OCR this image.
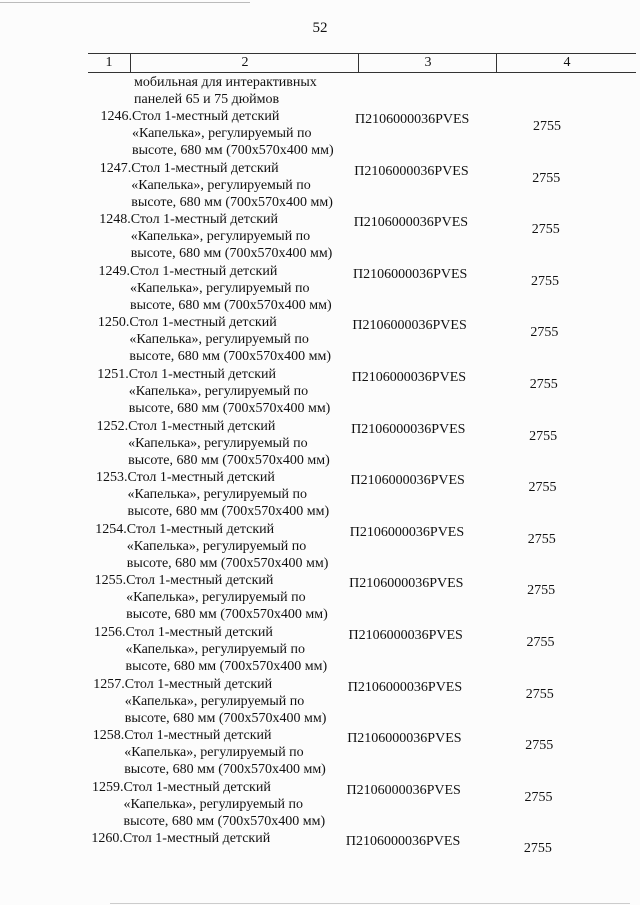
52
1	2	3	4
мобильная для интерактивных
панелей 65 и 75 дюймов
1246. Стол 1-местный детский
«Капелька», регулируемый по
высоте, 680 мм (700x570x400 мм)
П2106000036PVES	2755
1247. Стол 1-местный детский
«Капелька», регулируемый по
высоте, 680 мм (700x570x400 мм)
П2106000036PVES	2755
1248. Стол 1-местный детский
«Капелька», регулируемый по
высоте, 680 мм (700x570x400 мм)
П2106000036PVES	2755
1249. Стол 1-местный детский
«Капелька», регулируемый по
высоте, 680 мм (700x570x400 мм)
П2106000036PVES	2755
1250. Стол 1-местный детский
«Капелька», регулируемый по
высоте, 680 мм (700x570x400 мм)
П2106000036PVES	2755
1251. Стол 1-местный детский
«Капелька», регулируемый по
высоте, 680 мм (700x570x400 мм)
П2106000036PVES	2755
1252. Стол 1-местный детский
«Капелька», регулируемый по
высоте, 680 мм (700x570x400 мм)
П2106000036PVES	2755
1253. Стол 1-местный детский
«Капелька», регулируемый по
высоте, 680 мм (700x570x400 мм)
П2106000036PVES	2755
1254. Стол 1-местный детский
«Капелька», регулируемый по
высоте, 680 мм (700x570x400 мм)
П2106000036PVES	2755
1255. Стол 1-местный детский
«Капелька», регулируемый по
высоте, 680 мм (700x570x400 мм)
П2106000036PVES	2755
1256. Стол 1-местный детский
«Капелька», регулируемый по
высоте, 680 мм (700x570x400 мм)
П2106000036PVES	2755
1257. Стол 1-местный детский
«Капелька», регулируемый по
высоте, 680 мм (700x570x400 мм)
П2106000036PVES	2755
1258. Стол 1-местный детский
«Капелька», регулируемый по
высоте, 680 мм (700x570x400 мм)
П2106000036PVES	2755
1259. Стол 1-местный детский
«Капелька», регулируемый по
высоте, 680 мм (700x570x400 мм)
П2106000036PVES	2755
1260. Стол 1-местный детский	П2106000036PVES	2755
